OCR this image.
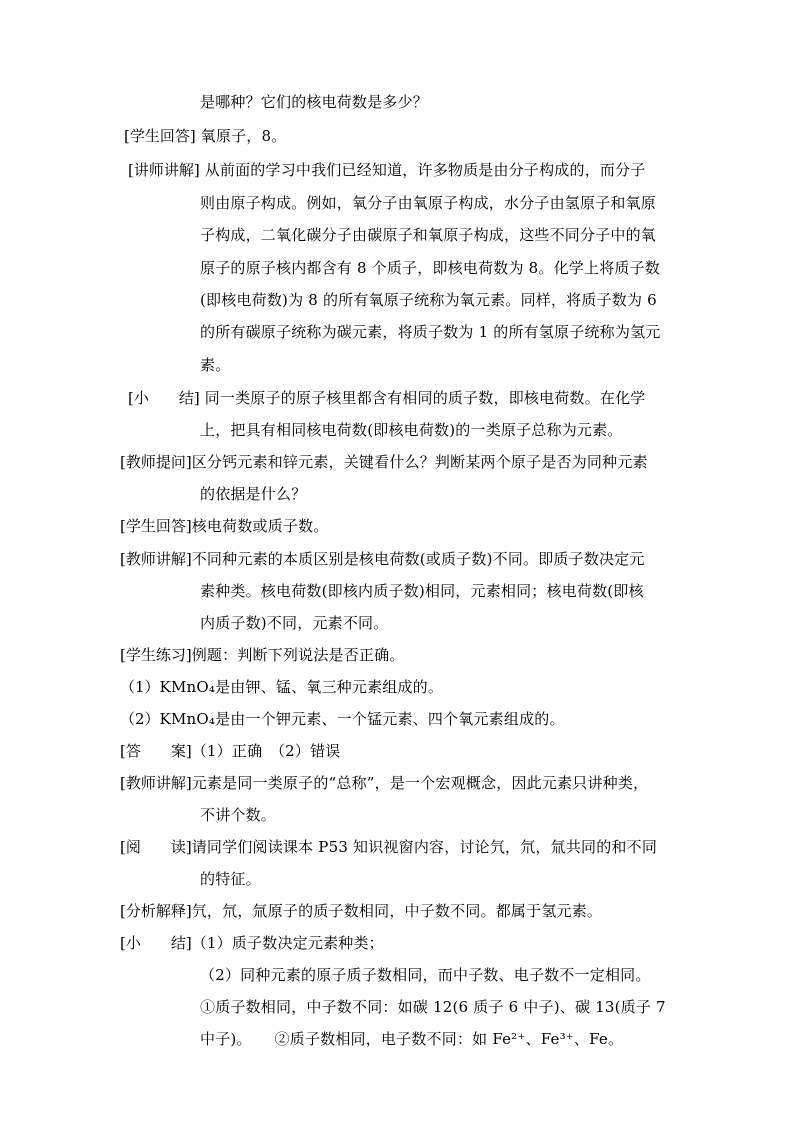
是哪种？它们的核电荷数是多少？
[学生回答] 氧原子，8。
[讲师讲解] 从前面的学习中我们已经知道，许多物质是由分子构成的，而分子
则由原子构成。例如，氧分子由氧原子构成，水分子由氢原子和氧原
子构成，二氧化碳分子由碳原子和氧原子构成，这些不同分子中的氧
原子的原子核内都含有 8 个质子，即核电荷数为 8。化学上将质子数
(即核电荷数)为 8 的所有氧原子统称为氧元素。同样，将质子数为 6
的所有碳原子统称为碳元素，将质子数为 1 的所有氢原子统称为氢元
素。
[小　　结] 同一类原子的原子核里都含有相同的质子数，即核电荷数。在化学
上，把具有相同核电荷数(即核电荷数)的一类原子总称为元素。
[教师提问]区分钙元素和锌元素，关键看什么？判断某两个原子是否为同种元素
的依据是什么？
[学生回答]核电荷数或质子数。
[教师讲解]不同种元素的本质区别是核电荷数(或质子数)不同。即质子数决定元
素种类。核电荷数(即核内质子数)相同，元素相同；核电荷数(即核
内质子数)不同，元素不同。
[学生练习]例题：判断下列说法是否正确。
（1）KMnO₄是由钾、锰、氧三种元素组成的。
（2）KMnO₄是由一个钾元素、一个锰元素、四个氧元素组成的。
[答　　案]（1）正确　（2）错误
[教师讲解]元素是同一类原子的“总称”，是一个宏观概念，因此元素只讲种类，
不讲个数。
[阅　　读]请同学们阅读课本 P53 知识视窗内容，讨论氕，氘，氚共同的和不同
的特征。
[分析解释]氕，氘，氚原子的质子数相同，中子数不同。都属于氢元素。
[小　　结]（1）质子数决定元素种类；
（2）同种元素的原子质子数相同，而中子数、电子数不一定相同。
①质子数相同，中子数不同：如碳 12(6 质子 6 中子)、碳 13(质子 7
中子)。　　②质子数相同，电子数不同：如 Fe²⁺、Fe³⁺、Fe。
